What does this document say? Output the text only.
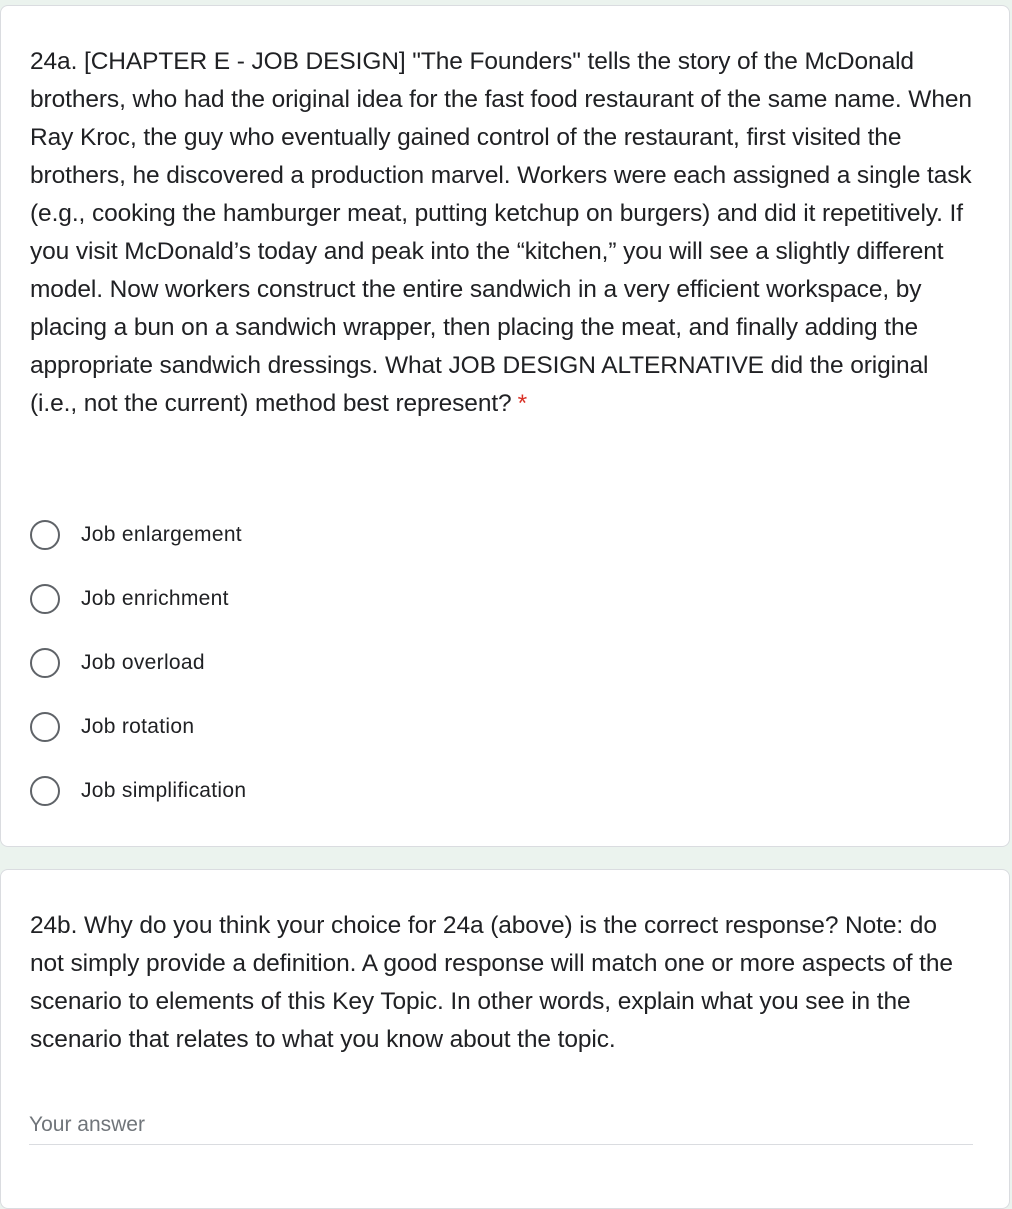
24a. [CHAPTER E - JOB DESIGN] "The Founders" tells the story of the McDonald brothers, who had the original idea for the fast food restaurant of the same name. When Ray Kroc, the guy who eventually gained control of the restaurant, first visited the brothers, he discovered a production marvel. Workers were each assigned a single task (e.g., cooking the hamburger meat, putting ketchup on burgers) and did it repetitively. If you visit McDonald’s today and peak into the “kitchen,” you will see a slightly different model. Now workers construct the entire sandwich in a very efficient workspace, by placing a bun on a sandwich wrapper, then placing the meat, and finally adding the appropriate sandwich dressings. What JOB DESIGN ALTERNATIVE did the original (i.e., not the current) method best represent? *

Job enlargement
Job enrichment
Job overload
Job rotation
Job simplification

24b. Why do you think your choice for 24a (above) is the correct response? Note: do not simply provide a definition. A good response will match one or more aspects of the scenario to elements of this Key Topic. In other words, explain what you see in the scenario that relates to what you know about the topic.

Your answer
